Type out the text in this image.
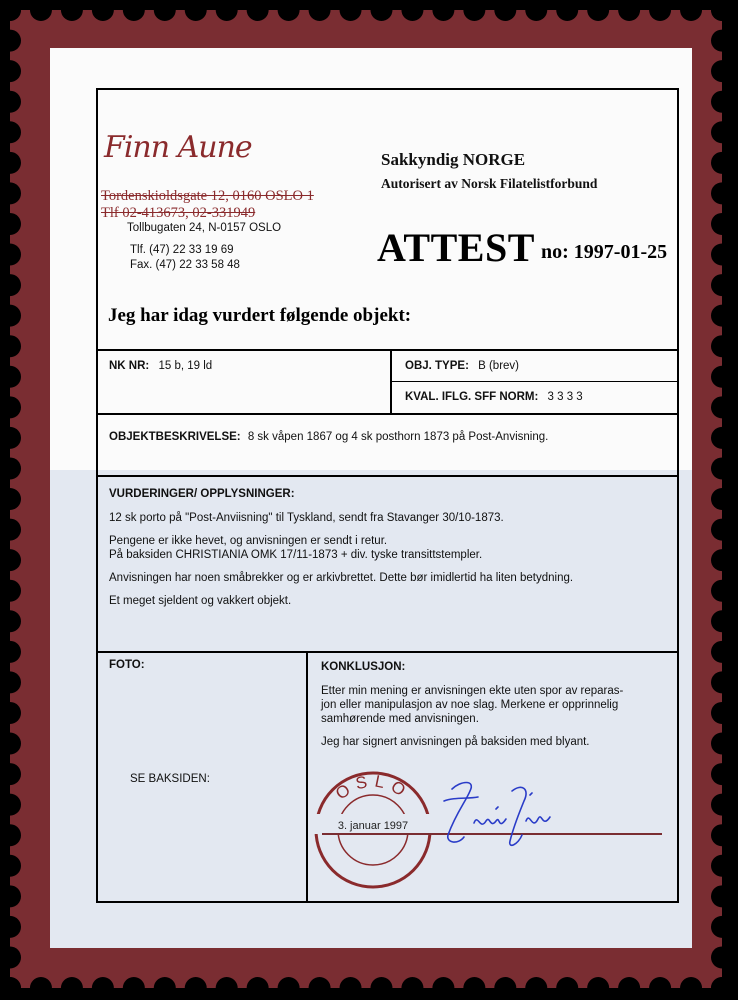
Finn Aune
Tordenskioldsgate 12, 0160 OSLO 1
Tlf 02-413673, 02-331949
Tollbugaten 24, N-0157 OSLO
Tlf. (47) 22 33 19 69
Fax. (47) 22 33 58 48
Sakkyndig NORGE
Autorisert av Norsk Filatelistforbund
ATTEST no: 1997-01-25
Jeg har idag vurdert følgende objekt:
NK NR: 15 b, 19 ld	OBJ. TYPE: B (brev)
KVAL. IFLG. SFF NORM: 3 3 3 3
OBJEKTBESKRIVELSE: 8 sk våpen 1867 og 4 sk posthorn 1873 på Post-Anvisning.
VURDERINGER/ OPPLYSNINGER:
12 sk porto på "Post-Anviisning" til Tyskland, sendt fra Stavanger 30/10-1873.
Pengene er ikke hevet, og anvisningen er sendt i retur.
På baksiden CHRISTIANIA OMK 17/11-1873 + div. tyske transittstempler.
Anvisningen har noen småbrekker og er arkivbrettet. Dette bør imidlertid ha liten betydning.
Et meget sjeldent og vakkert objekt.
FOTO:
SE BAKSIDEN:
KONKLUSJON:
Etter min mening er anvisningen ekte uten spor av reparas-
jon eller manipulasjon av noe slag. Merkene er opprinnelig
samhørende med anvisningen.
Jeg har signert anvisningen på baksiden med blyant.
OSLO
3. januar 1997
